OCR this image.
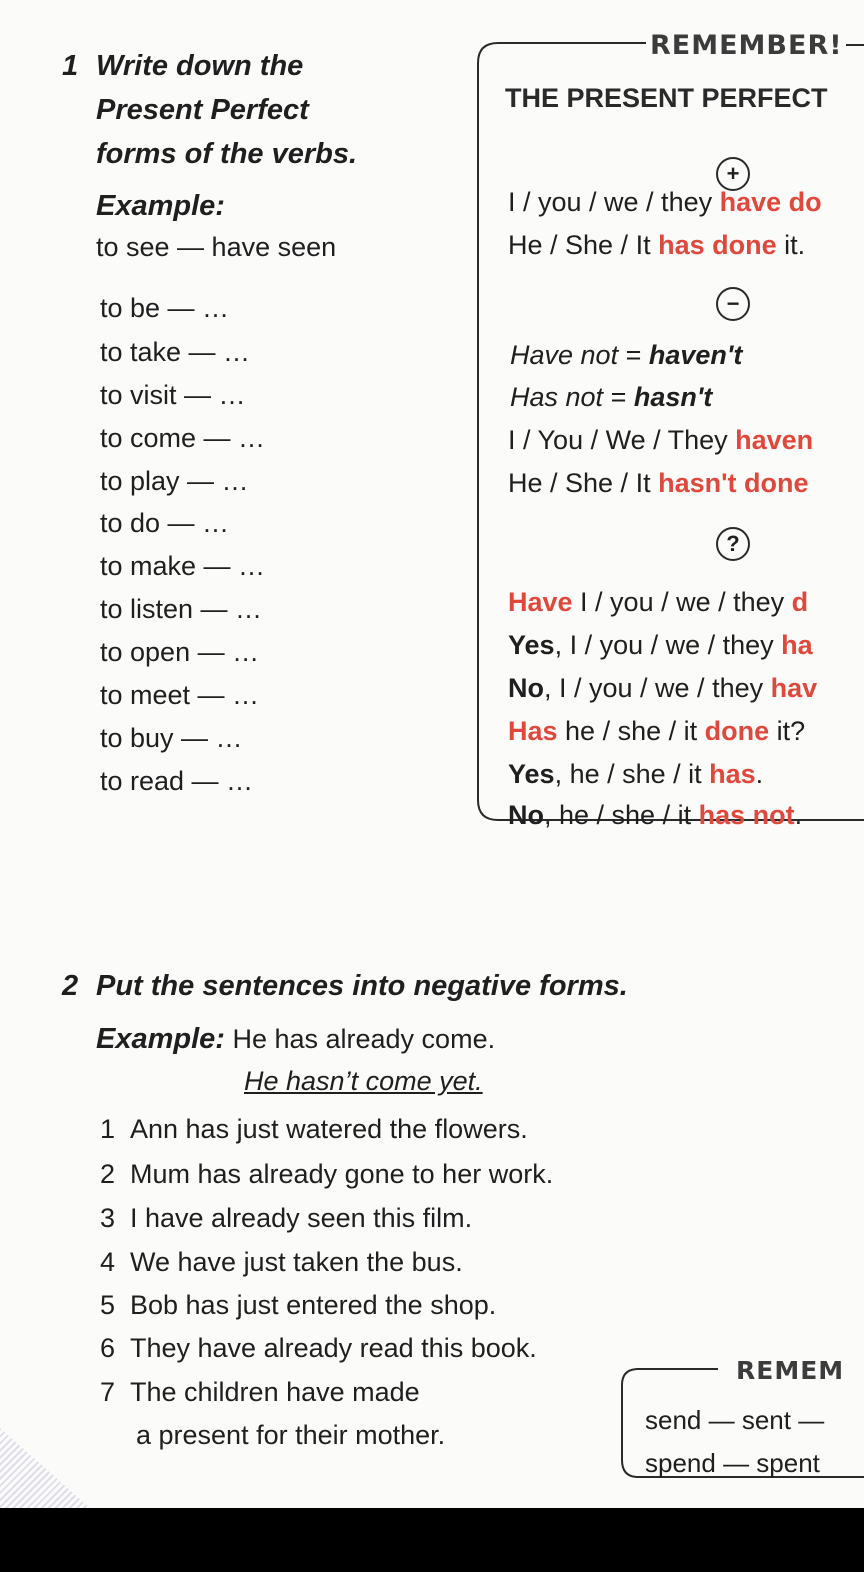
1 Write down the
Present Perfect
forms of the verbs.
Example:
to see — have seen
to be — …
to take — …
to visit — …
to come — …
to play — …
to do — …
to make — …
to listen — …
to open — …
to meet — …
to buy — …
to read — …
REMEMBER!
THE PRESENT PERFECT
+
I / you / we / they have do
He / She / It has done it.
−
Have not = haven't
Has not = hasn't
I / You / We / They haven
He / She / It hasn't done
?
Have I / you / we / they d
Yes, I / you / we / they ha
No, I / you / we / they hav
Has he / she / it done it?
Yes, he / she / it has.
No, he / she / it has not.
2 Put the sentences into negative forms.
Example: He has already come.
He hasn’t come yet.
1 Ann has just watered the flowers.
2 Mum has already gone to her work.
3 I have already seen this film.
4 We have just taken the bus.
5 Bob has just entered the shop.
6 They have already read this book.
7 The children have made
a present for their mother.
REMEM
send — sent —
spend — spent
